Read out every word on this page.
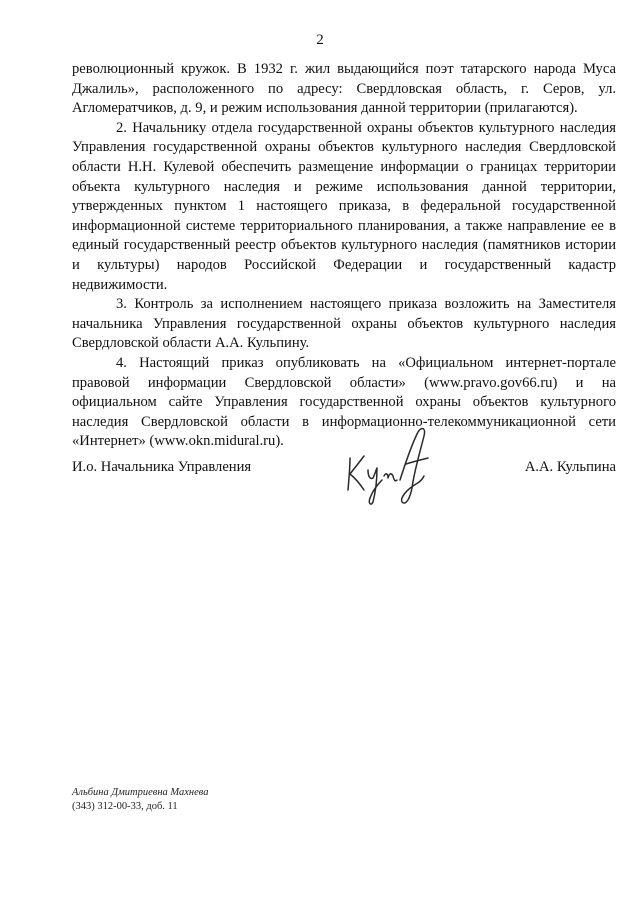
2

революционный кружок. В 1932 г. жил выдающийся поэт татарского народа Муса Джалиль», расположенного по адресу: Свердловская область, г. Серов, ул. Агломератчиков, д. 9, и режим использования данной территории (прилагаются).

2. Начальнику отдела государственной охраны объектов культурного наследия Управления государственной охраны объектов культурного наследия Свердловской области Н.Н. Кулевой обеспечить размещение информации о границах территории объекта культурного наследия и режиме использования данной территории, утвержденных пунктом 1 настоящего приказа, в федеральной государственной информационной системе территориального планирования, а также направление ее в единый государственный реестр объектов культурного наследия (памятников истории и культуры) народов Российской Федерации и государственный кадастр недвижимости.

3. Контроль за исполнением настоящего приказа возложить на Заместителя начальника Управления государственной охраны объектов культурного наследия Свердловской области А.А. Кульпину.

4. Настоящий приказ опубликовать на «Официальном интернет-портале правовой информации Свердловской области» (www.pravo.gov66.ru) и на официальном сайте Управления государственной охраны объектов культурного наследия Свердловской области в информационно-телекоммуникационной сети «Интернет» (www.okn.midural.ru).

И.о. Начальника Управления	А.А. Кульпина
Альбина Дмитриевна Махнева
(343) 312-00-33, доб. 11
